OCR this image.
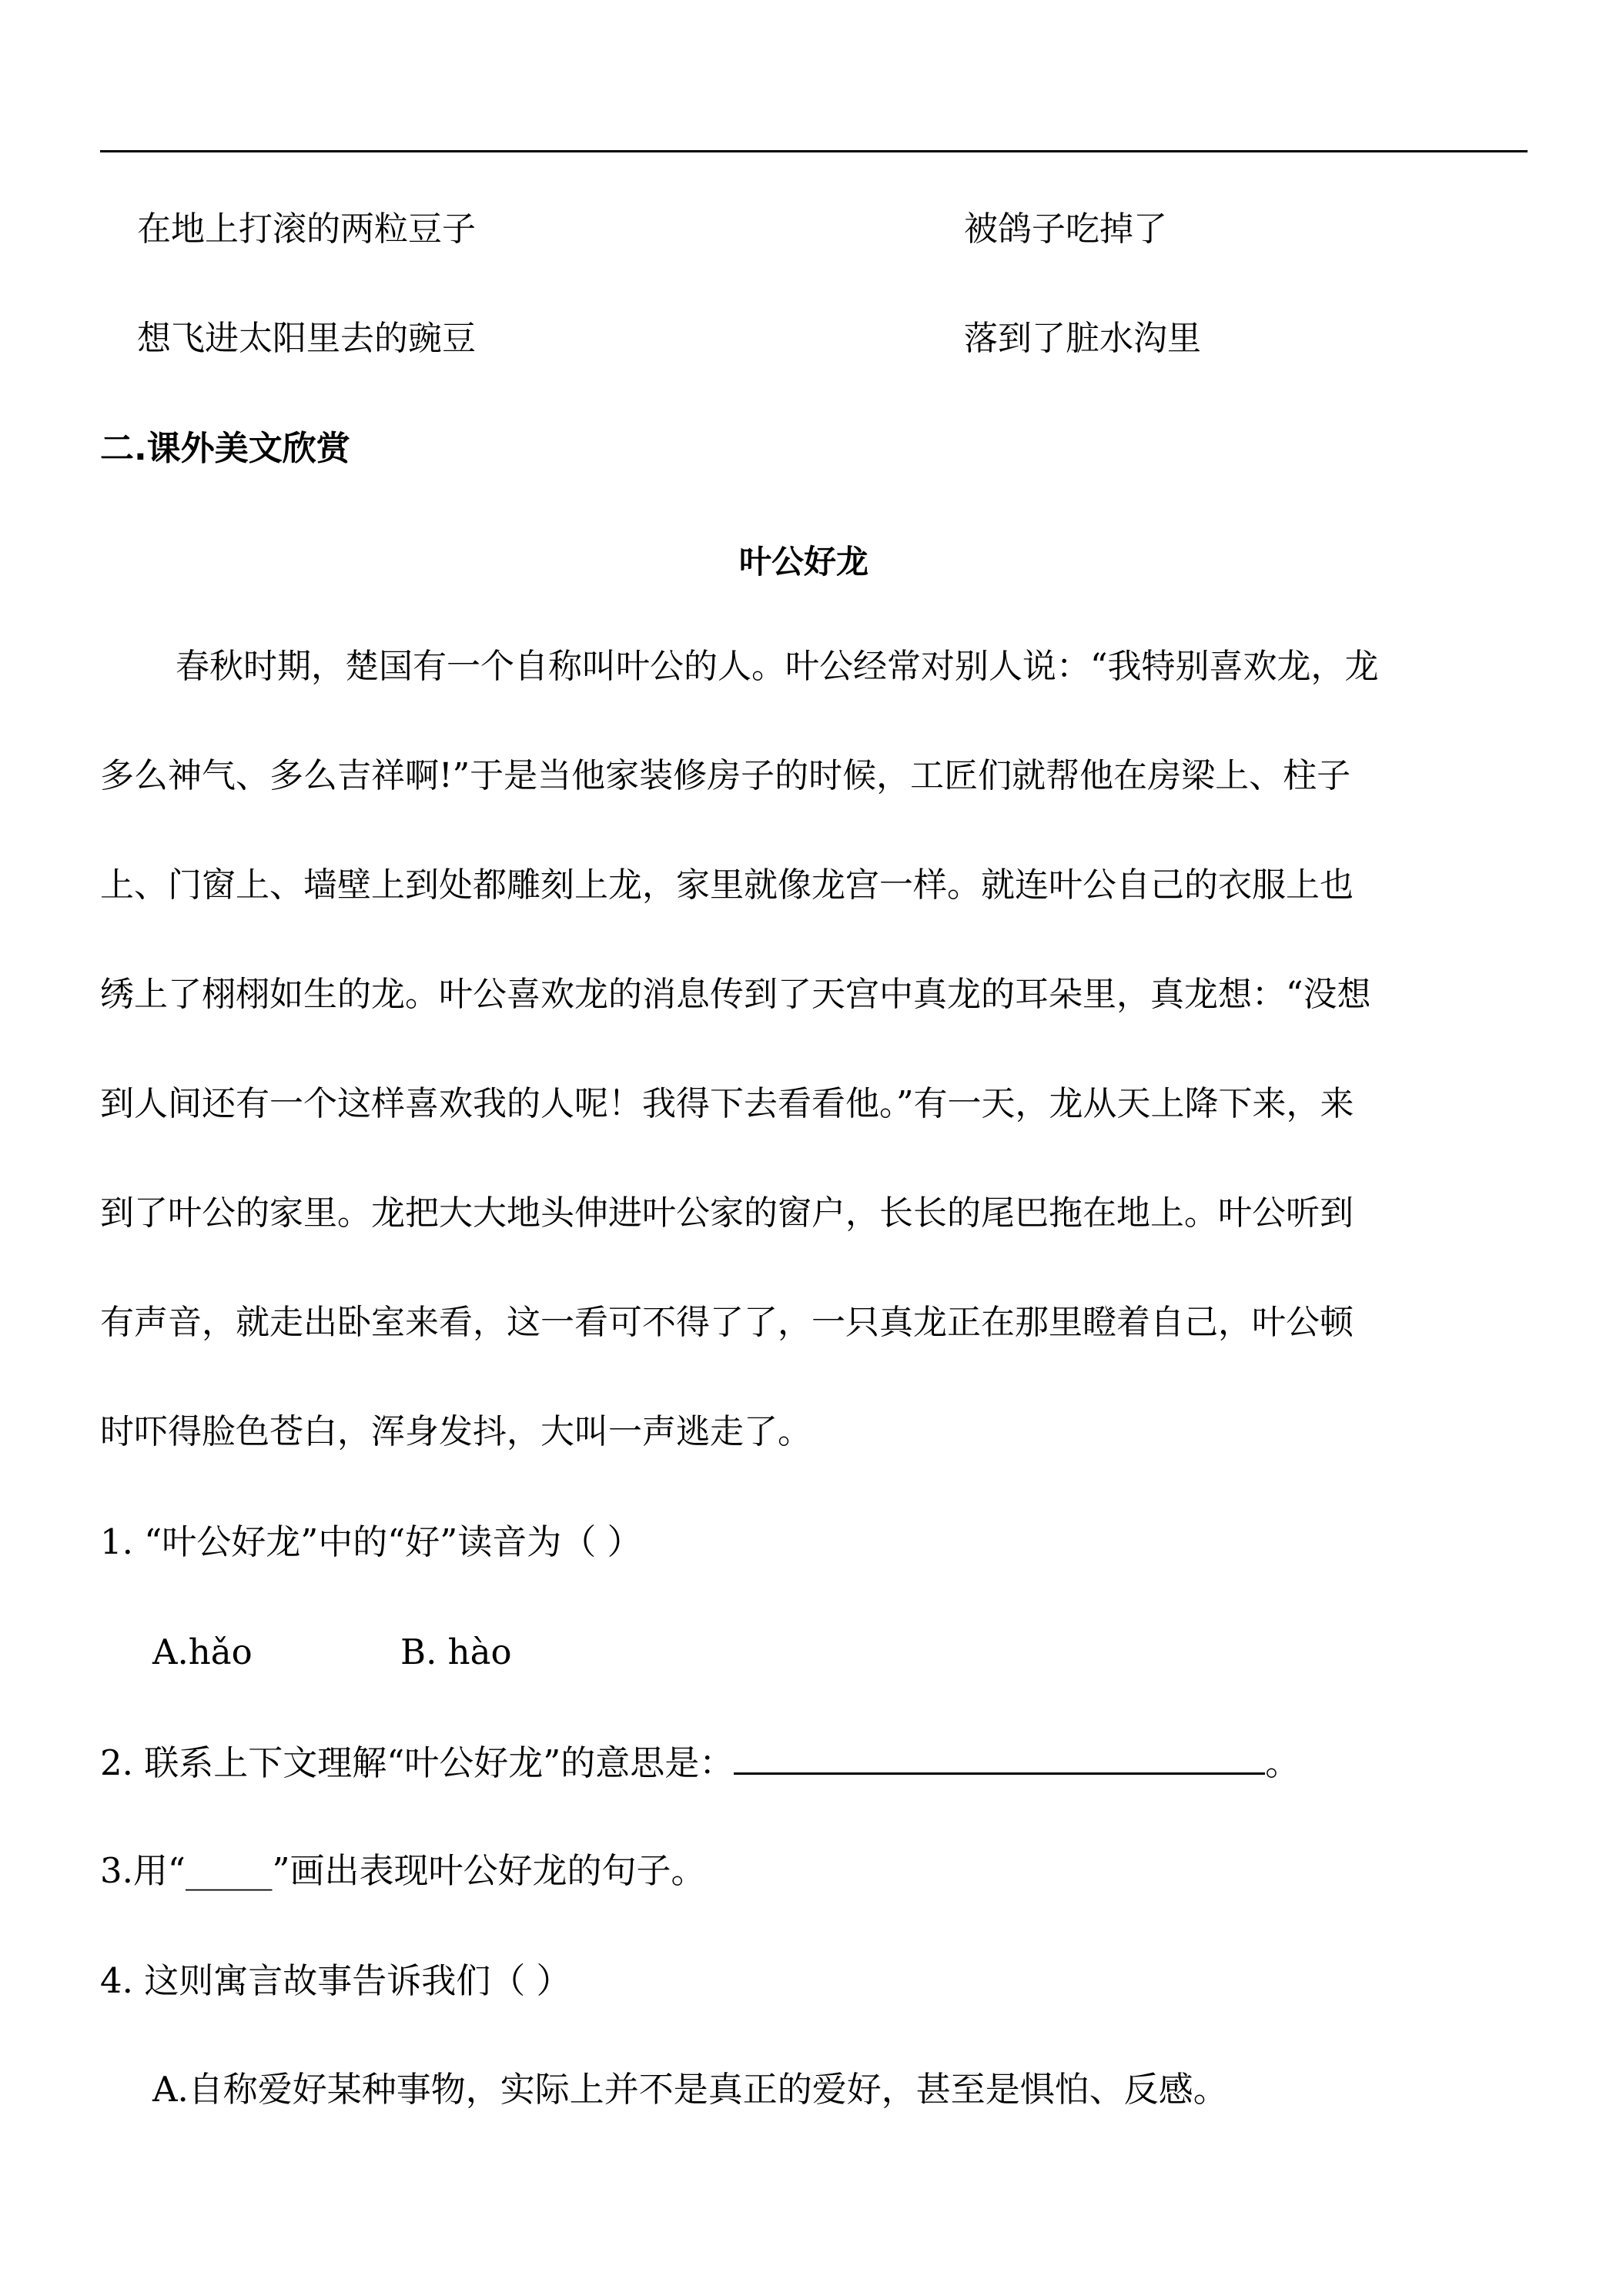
在地上打滚的两粒豆子	被鸽子吃掉了
想飞进太阳里去的豌豆	落到了脏水沟里
二.课外美文欣赏
叶公好龙
春秋时期，楚国有一个自称叫叶公的人。叶公经常对别人说：“我特别喜欢龙，龙
多么神气、多么吉祥啊!”于是当他家装修房子的时候，工匠们就帮他在房梁上、柱子
上、门窗上、墙壁上到处都雕刻上龙，家里就像龙宫一样。就连叶公自己的衣服上也
绣上了栩栩如生的龙。叶公喜欢龙的消息传到了天宫中真龙的耳朵里，真龙想：“没想
到人间还有一个这样喜欢我的人呢！我得下去看看他。”有一天，龙从天上降下来，来
到了叶公的家里。龙把大大地头伸进叶公家的窗户，长长的尾巴拖在地上。叶公听到
有声音，就走出卧室来看，这一看可不得了了，一只真龙正在那里瞪着自己，叶公顿
时吓得脸色苍白，浑身发抖，大叫一声逃走了。
1. “叶公好龙”中的“好”读音为（ ）
A.hǎo	B. hào
2. 联系上下文理解“叶公好龙”的意思是：	。
3.用“_____”画出表现叶公好龙的句子。
4. 这则寓言故事告诉我们（ ）
A.自称爱好某种事物，实际上并不是真正的爱好，甚至是惧怕、反感。
